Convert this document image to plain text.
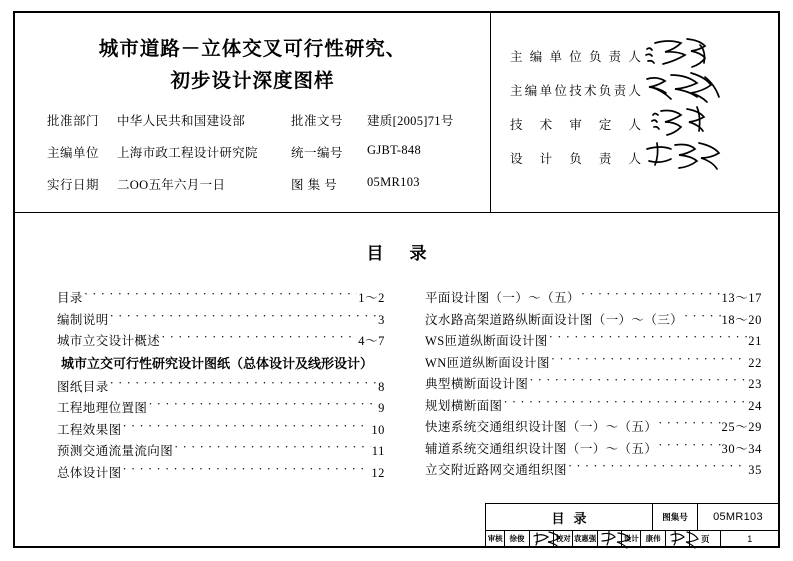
城市道路－立体交叉可行性研究、
初步设计深度图样
批准部门	中华人民共和国建设部	批准文号	建质[2005]71号
主编单位	上海市政工程设计研究院	统一编号	GJBT-848
实行日期	二OO五年六月一日	图 集 号	05MR103
主 编 单 位 负 责 人
主 编 单 位 技 术 负 责 人
技 术 审 定 人
设 计 负 责 人
目录
目录 · · ·	1～2
编制说明 · · ·	3
城市立交设计概述 · · ·	4～7
城市立交可行性研究设计图纸（总体设计及线形设计）
图纸目录 · · ·	8
工程地理位置图 · · ·	9
工程效果图 · · ·	10
预测交通流量流向图 · · ·	11
总体设计图 · · ·	12
平面设计图（一）～（五） · · ·	13～17
汶水路高架道路纵断面设计图（一）～（三） · · ·	18～20
WS匝道纵断面设计图 · · ·	21
WN匝道纵断面设计图 · · ·	22
典型横断面设计图 · · ·	23
规划横断面图 · · ·	24
快速系统交通组织设计图（一）～（五） · · ·	25～29
辅道系统交通组织设计图（一）～（五） · · ·	30～34
立交附近路网交通组织图 · · ·	35
目录	图集号	05MR103
审核 徐俊	校对 袁惠强	设计 康伟	页	1
